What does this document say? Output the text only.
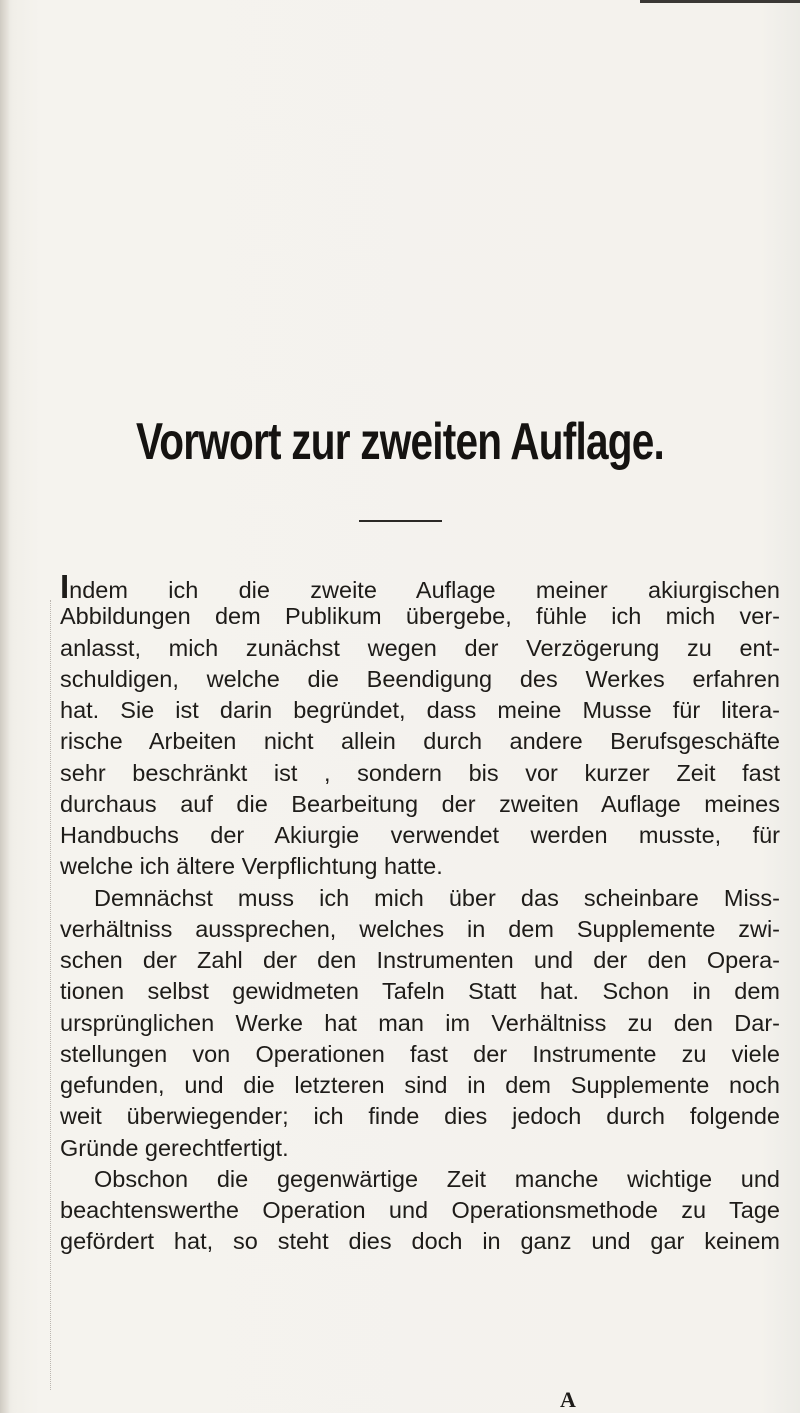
Vorwort zur zweiten Auflage.
Indem ich die zweite Auflage meiner akiurgischen
Abbildungen dem Publikum übergebe, fühle ich mich ver-
anlasst, mich zunächst wegen der Verzögerung zu ent-
schuldigen, welche die Beendigung des Werkes erfahren
hat. Sie ist darin begründet, dass meine Musse für litera-
rische Arbeiten nicht allein durch andere Berufsgeschäfte
sehr beschränkt ist , sondern bis vor kurzer Zeit fast
durchaus auf die Bearbeitung der zweiten Auflage meines
Handbuchs der Akiurgie verwendet werden musste, für
welche ich ältere Verpflichtung hatte.
Demnächst muss ich mich über das scheinbare Miss-
verhältniss aussprechen, welches in dem Supplemente zwi-
schen der Zahl der den Instrumenten und der den Opera-
tionen selbst gewidmeten Tafeln Statt hat. Schon in dem
ursprünglichen Werke hat man im Verhältniss zu den Dar-
stellungen von Operationen fast der Instrumente zu viele
gefunden, und die letzteren sind in dem Supplemente noch
weit überwiegender; ich finde dies jedoch durch folgende
Gründe gerechtfertigt.
Obschon die gegenwärtige Zeit manche wichtige und
beachtenswerthe Operation und Operationsmethode zu Tage
gefördert hat, so steht dies doch in ganz und gar keinem
A
